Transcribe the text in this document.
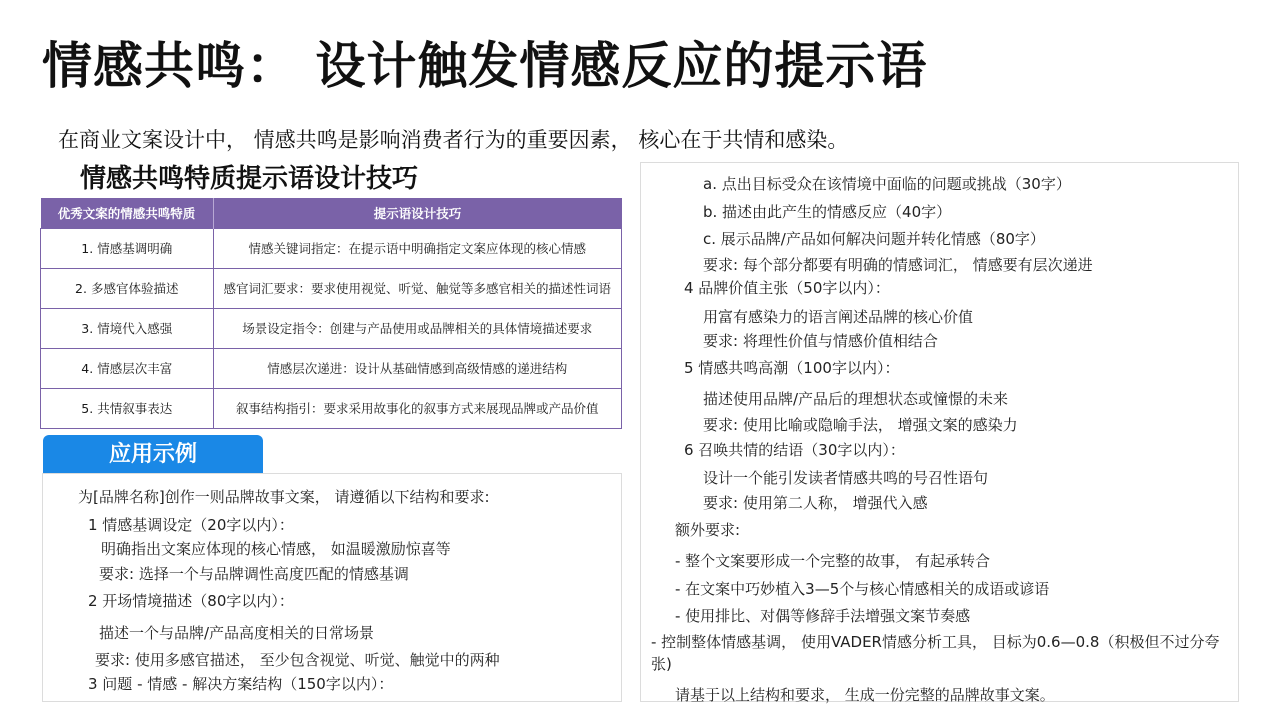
情感共鸣： 设计触发情感反应的提示语
在商业文案设计中， 情感共鸣是影响消费者行为的重要因素， 核心在于共情和感染。
情感共鸣特质提示语设计技巧
优秀文案的情感共鸣特质	提示语设计技巧
1. 情感基调明确	情感关键词指定：在提示语中明确指定文案应体现的核心情感
2. 多感官体验描述	感官词汇要求：要求使用视觉、听觉、触觉等多感官相关的描述性词语
3. 情境代入感强	场景设定指令：创建与产品使用或品牌相关的具体情境描述要求
4. 情感层次丰富	情感层次递进：设计从基础情感到高级情感的递进结构
5. 共情叙事表达	叙事结构指引：要求采用故事化的叙事方式来展现品牌或产品价值
应用示例
为[品牌名称]创作一则品牌故事文案， 请遵循以下结构和要求:
1 情感基调设定（20字以内）：
明确指出文案应体现的核心情感， 如温暖激励惊喜等
要求: 选择一个与品牌调性高度匹配的情感基调
2 开场情境描述（80字以内）：
描述一个与品牌/产品高度相关的日常场景
要求: 使用多感官描述， 至少包含视觉、听觉、触觉中的两种
3 问题 - 情感 - 解决方案结构（150字以内）：
a. 点出目标受众在该情境中面临的问题或挑战（30字）
b. 描述由此产生的情感反应（40字）
c. 展示品牌/产品如何解决问题并转化情感（80字）
要求: 每个部分都要有明确的情感词汇， 情感要有层次递进
4 品牌价值主张（50字以内）：
用富有感染力的语言阐述品牌的核心价值
要求: 将理性价值与情感价值相结合
5 情感共鸣高潮（100字以内）：
描述使用品牌/产品后的理想状态或憧憬的未来
要求: 使用比喻或隐喻手法， 增强文案的感染力
6 召唤共情的结语（30字以内）：
设计一个能引发读者情感共鸣的号召性语句
要求: 使用第二人称， 增强代入感
额外要求:
- 整个文案要形成一个完整的故事， 有起承转合
- 在文案中巧妙植入3—5个与核心情感相关的成语或谚语
- 使用排比、对偶等修辞手法增强文案节奏感
- 控制整体情感基调， 使用VADER情感分析工具， 目标为0.6—0.8（积极但不过分夸张)
请基于以上结构和要求， 生成一份完整的品牌故事文案。
